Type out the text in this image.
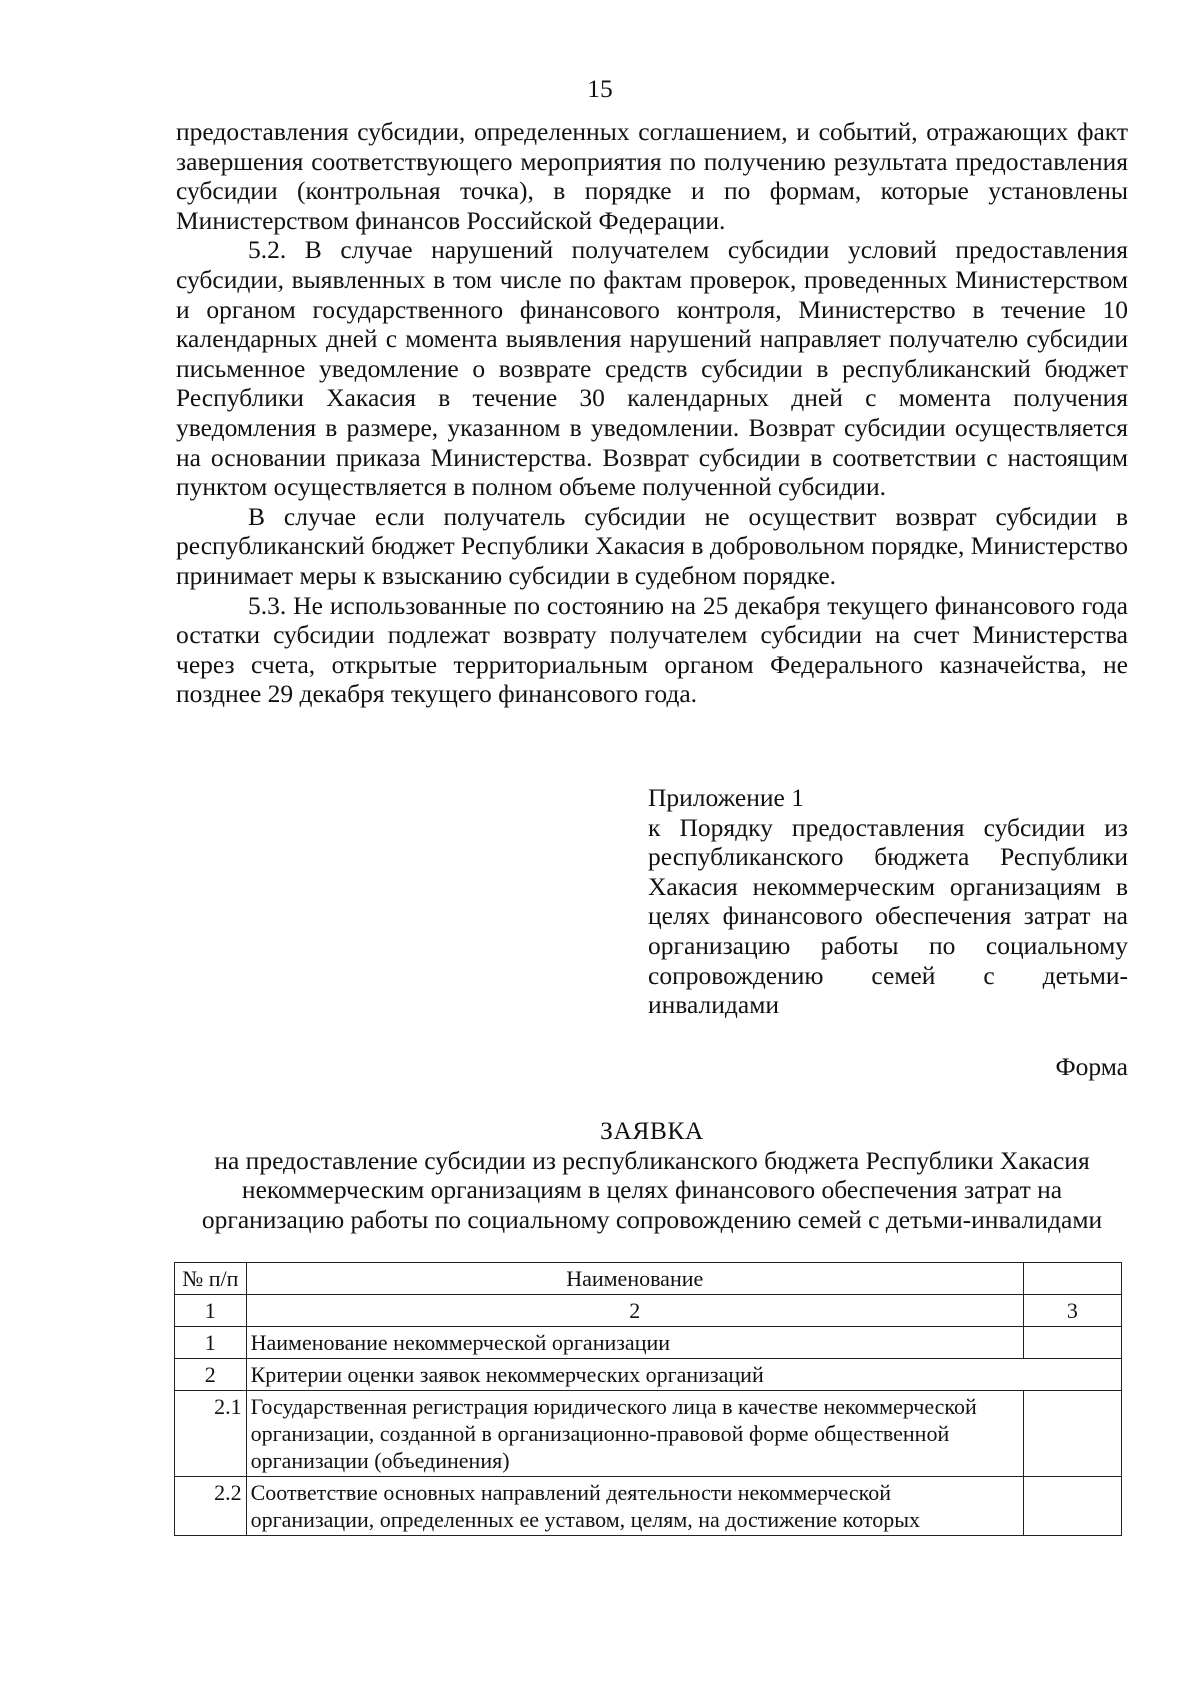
15

предоставления субсидии, определенных соглашением, и событий, отражающих факт завершения соответствующего мероприятия по получению результата предоставления субсидии (контрольная точка), в порядке и по формам, которые установлены Министерством финансов Российской Федерации.

5.2. В случае нарушений получателем субсидии условий предоставления субсидии, выявленных в том числе по фактам проверок, проведенных Министерством и органом государственного финансового контроля, Министерство в течение 10 календарных дней с момента выявления нарушений направляет получателю субсидии письменное уведомление о возврате средств субсидии в республиканский бюджет Республики Хакасия в течение 30 календарных дней с момента получения уведомления в размере, указанном в уведомлении. Возврат субсидии осуществляется на основании приказа Министерства. Возврат субсидии в соответствии с настоящим пунктом осуществляется в полном объеме полученной субсидии.

В случае если получатель субсидии не осуществит возврат субсидии в республиканский бюджет Республики Хакасия в добровольном порядке, Министерство принимает меры к взысканию субсидии в судебном порядке.

5.3. Не использованные по состоянию на 25 декабря текущего финансового года остатки субсидии подлежат возврату получателем субсидии на счет Министерства через счета, открытые территориальным органом Федерального казначейства, не позднее 29 декабря текущего финансового года.

Приложение 1

к Порядку предоставления субсидии из республиканского бюджета Республики Хакасия некоммерческим организациям в целях финансового обеспечения затрат на организацию работы по социальному сопровождению семей с детьми-инвалидами

Форма

ЗАЯВКА

на предоставление субсидии из республиканского бюджета Республики Хакасия

некоммерческим организациям в целях финансового обеспечения затрат на

организацию работы по социальному сопровождению семей с детьми-инвалидами

№ п/п	Наименование	
1	2	3
1	Наименование некоммерческой организации	
2	Критерии оценки заявок некоммерческих организаций	
2.1	Государственная регистрация юридического лица в качестве некоммерческой организации, созданной в организационно-правовой форме общественной организации (объединения)	
2.2	Соответствие основных направлений деятельности некоммерческой организации, определенных ее уставом, целям, на достижение которых	
